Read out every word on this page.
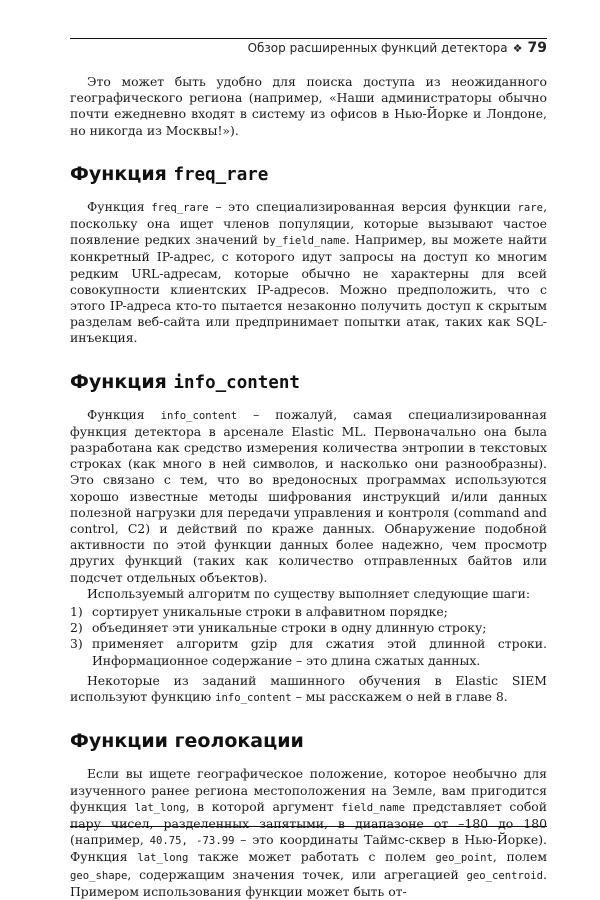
Обзор расширенных функций детектора ❖ 79

Это может быть удобно для поиска доступа из неожиданного географического региона (например, «Наши администраторы обычно почти ежедневно входят в систему из офисов в Нью-Йорке и Лондоне, но никогда из Москвы!»).

Функция freq_rare

Функция freq_rare – это специализированная версия функции rare, поскольку она ищет членов популяции, которые вызывают частое появление редких значений by_field_name. Например, вы можете найти конкретный IP-адрес, с которого идут запросы на доступ ко многим редким URL-адресам, которые обычно не характерны для всей совокупности клиентских IP-адресов. Можно предположить, что с этого IP-адреса кто-то пытается незаконно получить доступ к скрытым разделам веб-сайта или предпринимает попытки атак, таких как SQL-инъекция.

Функция info_content

Функция info_content – пожалуй, самая специализированная функция детектора в арсенале Elastic ML. Первоначально она была разработана как средство измерения количества энтропии в текстовых строках (как много в ней символов, и насколько они разнообразны). Это связано с тем, что во вредоносных программах используются хорошо известные методы шифрования инструкций и/или данных полезной нагрузки для передачи управления и контроля (command and control, C2) и действий по краже данных. Обнаружение подобной активности по этой функции данных более надежно, чем просмотр других функций (таких как количество отправленных байтов или подсчет отдельных объектов).

Используемый алгоритм по существу выполняет следующие шаги:

1) сортирует уникальные строки в алфавитном порядке;
2) объединяет эти уникальные строки в одну длинную строку;
3) применяет алгоритм gzip для сжатия этой длинной строки. Информационное содержание – это длина сжатых данных.

Некоторые из заданий машинного обучения в Elastic SIEM используют функцию info_content – мы расскажем о ней в главе 8.

Функции геолокации

Если вы ищете географическое положение, которое необычно для изученного ранее региона местоположения на Земле, вам пригодится функция lat_long, в которой аргумент field_name представляет собой пару чисел, разделенных запятыми, в диапазоне от –180 до 180 (например, 40.75, -73.99 – это координаты Таймс-сквер в Нью-Йорке). Функция lat_long также может работать с полем geo_point, полем geo_shape, содержащим значения точек, или агрегацией geo_centroid. Примером использования функции может быть от-
